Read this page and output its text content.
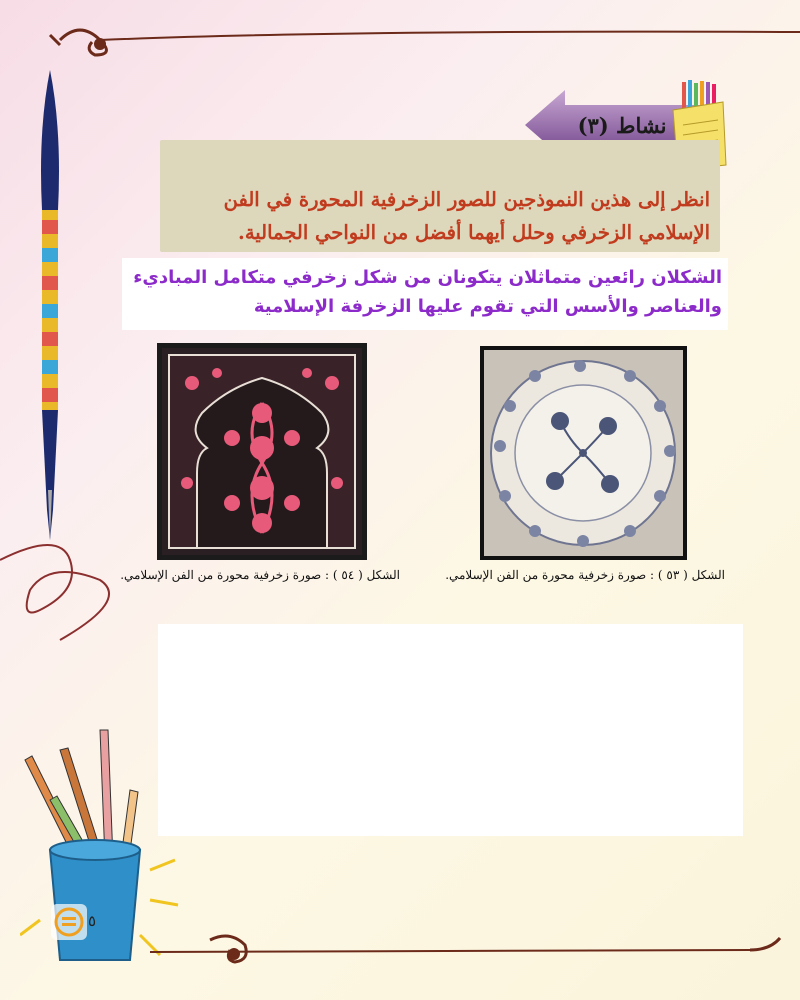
نشاط (٣)
انظر إلى هذين النموذجين للصور الزخرفية المحورة في الفن الإسلامي الزخرفي وحلل أيهما أفضل من النواحي الجمالية.
الشكلان رائعين متماثلان يتكونان من شكل زخرفي متكامل المباديء والعناصر والأسس التي تقوم عليها الزخرفة الإسلامية
الشكل ( ٥٤ ) : صورة زخرفية محورة من الفن الإسلامي.	الشكل ( ٥٣ ) : صورة زخرفية محورة من الفن الإسلامي.
٥
